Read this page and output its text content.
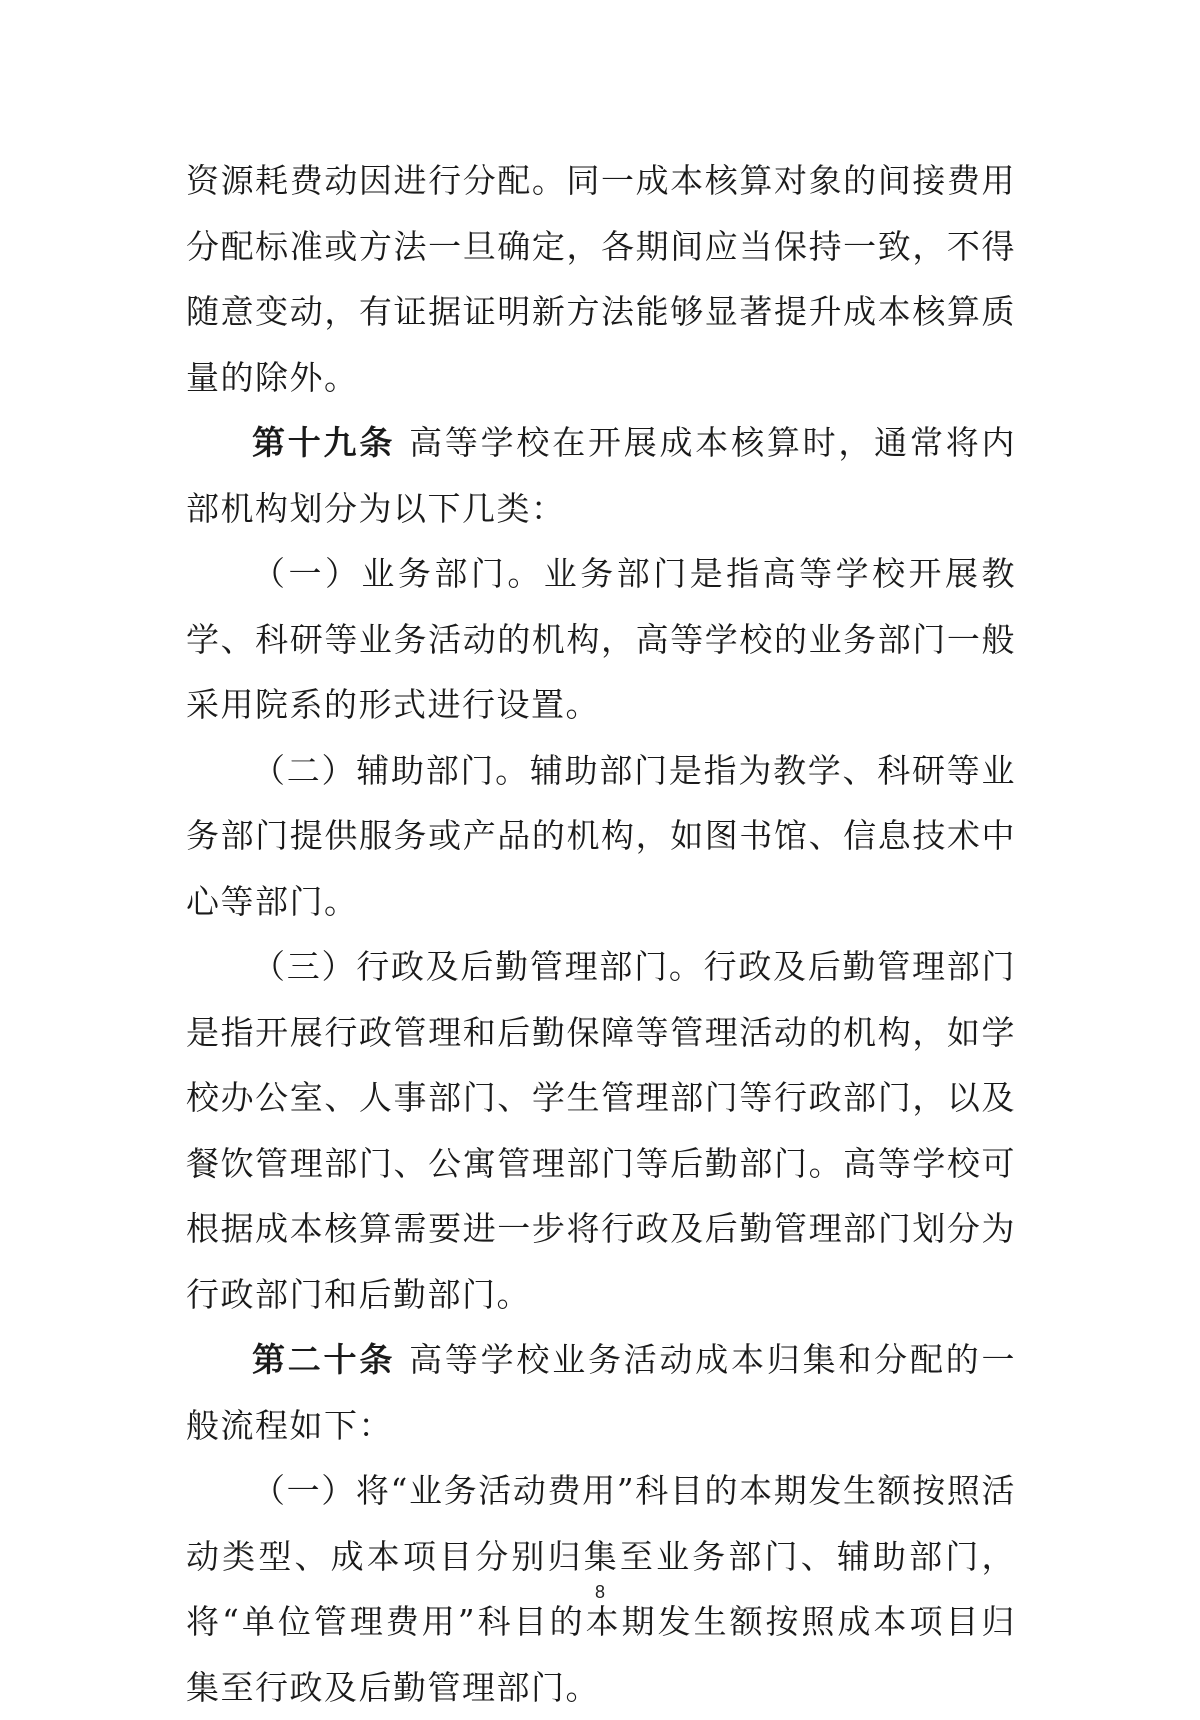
资源耗费动因进行分配。同一成本核算对象的间接费用分配标准或方法一旦确定，各期间应当保持一致，不得随意变动，有证据证明新方法能够显著提升成本核算质量的除外。

第十九条 高等学校在开展成本核算时，通常将内部机构划分为以下几类：

（一）业务部门。业务部门是指高等学校开展教学、科研等业务活动的机构，高等学校的业务部门一般采用院系的形式进行设置。

（二）辅助部门。辅助部门是指为教学、科研等业务部门提供服务或产品的机构，如图书馆、信息技术中心等部门。

（三）行政及后勤管理部门。行政及后勤管理部门是指开展行政管理和后勤保障等管理活动的机构，如学校办公室、人事部门、学生管理部门等行政部门，以及餐饮管理部门、公寓管理部门等后勤部门。高等学校可根据成本核算需要进一步将行政及后勤管理部门划分为行政部门和后勤部门。

第二十条 高等学校业务活动成本归集和分配的一般流程如下：

（一）将“业务活动费用”科目的本期发生额按照活动类型、成本项目分别归集至业务部门、辅助部门，将“单位管理费用”科目的本期发生额按照成本项目归集至行政及后勤管理部门。

8
